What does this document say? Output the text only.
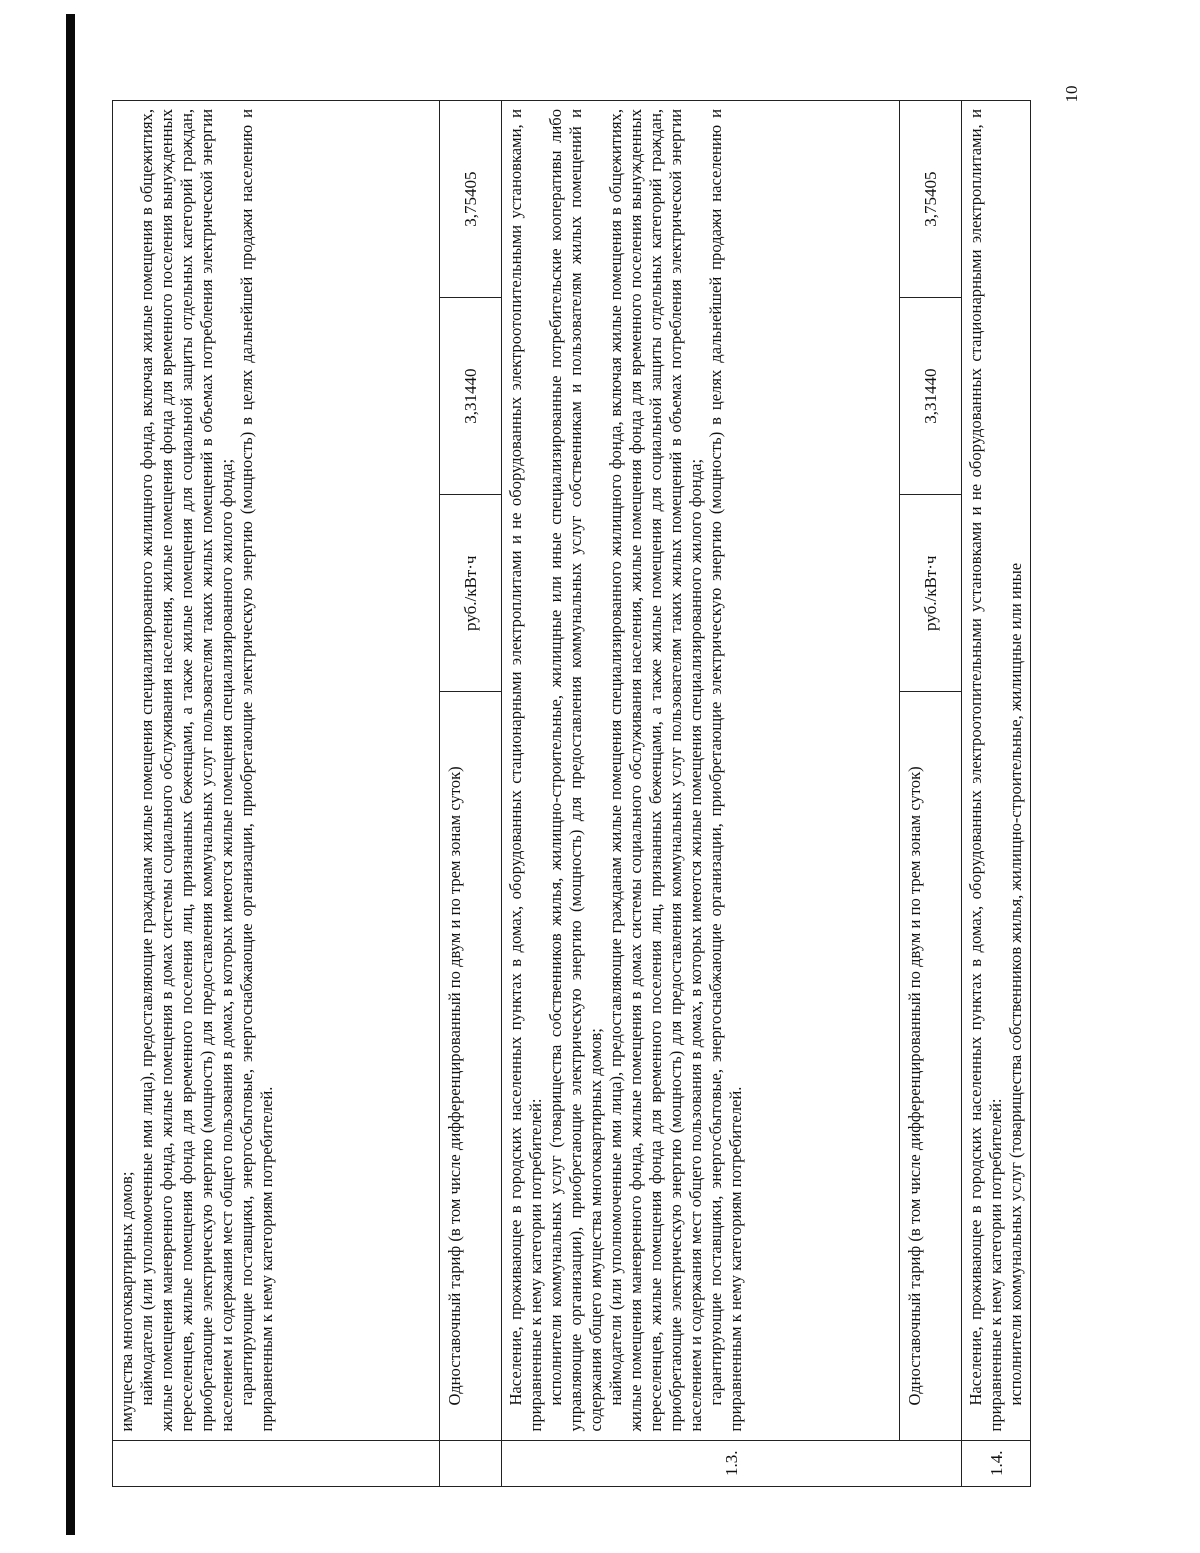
10

	имущества многоквартирных домов; наймодатели (или уполномоченные ими лица), предоставляющие гражданам жилые помещения специализированного жилищного фонда, включая жилые помещения в общежитиях, жилые помещения маневренного фонда, жилые помещения в домах системы социального обслуживания населения, жилые помещения фонда для временного поселения вынужденных переселенцев, жилые помещения фонда для временного поселения лиц, признанных беженцами, а также жилые помещения для социальной защиты отдельных категорий граждан, приобретающие электрическую энергию (мощность) для предоставления коммунальных услуг пользователям таких жилых помещений в объемах потребления электрической энергии населением и содержания мест общего пользования в домах, в которых имеются жилые помещения специализированного жилого фонда; гарантирующие поставщики, энергосбытовые, энергоснабжающие организации, приобретающие электрическую энергию (мощность) в целях дальнейшей продажи населению и приравненным к нему категориям потребителей.			

	Одноставочный тариф (в том числе дифференцированный по двум и по трем зонам суток)	руб./кВт·ч	3,31440	3,75405
1.3.	Население, проживающее в городских населенных пунктах в домах, оборудованных стационарными электроплитами и не оборудованных электроотопительными установками, и приравненные к нему категории потребителей: исполнители коммунальных услуг (товарищества собственников жилья, жилищно-строительные, жилищные или иные специализированные потребительские кооперативы либо управляющие организации), приобретающие электрическую энергию (мощность) для предоставления коммунальных услуг собственникам и пользователям жилых помещений и содержания общего имущества многоквартирных домов; наймодатели (или уполномоченные ими лица), предоставляющие гражданам жилые помещения специализированного жилищного фонда, включая жилые помещения в общежитиях, жилые помещения маневренного фонда, жилые помещения в домах системы социального обслуживания населения, жилые помещения фонда для временного поселения вынужденных переселенцев, жилые помещения фонда для временного поселения лиц, признанных беженцами, а также жилые помещения для социальной защиты отдельных категорий граждан, приобретающие электрическую энергию (мощность) для предоставления коммунальных услуг пользователям таких жилых помещений в объемах потребления электрической энергии населением и содержания мест общего пользования в домах, в которых имеются жилые помещения специализированного жилого фонда; гарантирующие поставщики, энергосбытовые, энергоснабжающие организации, приобретающие электрическую энергию (мощность) в целях дальнейшей продажи населению и приравненным к нему категориям потребителей.			

	Одноставочный тариф (в том числе дифференцированный по двум и по трем зонам суток)	руб./кВт·ч	3,31440	3,75405
1.4.	Население, проживающее в городских населенных пунктах в домах, оборудованных электроотопительными установками и не оборудованных стационарными электроплитами, и приравненные к нему категории потребителей: исполнители коммунальных услуг (товарищества собственников жилья, жилищно-строительные, жилищные или иные			
